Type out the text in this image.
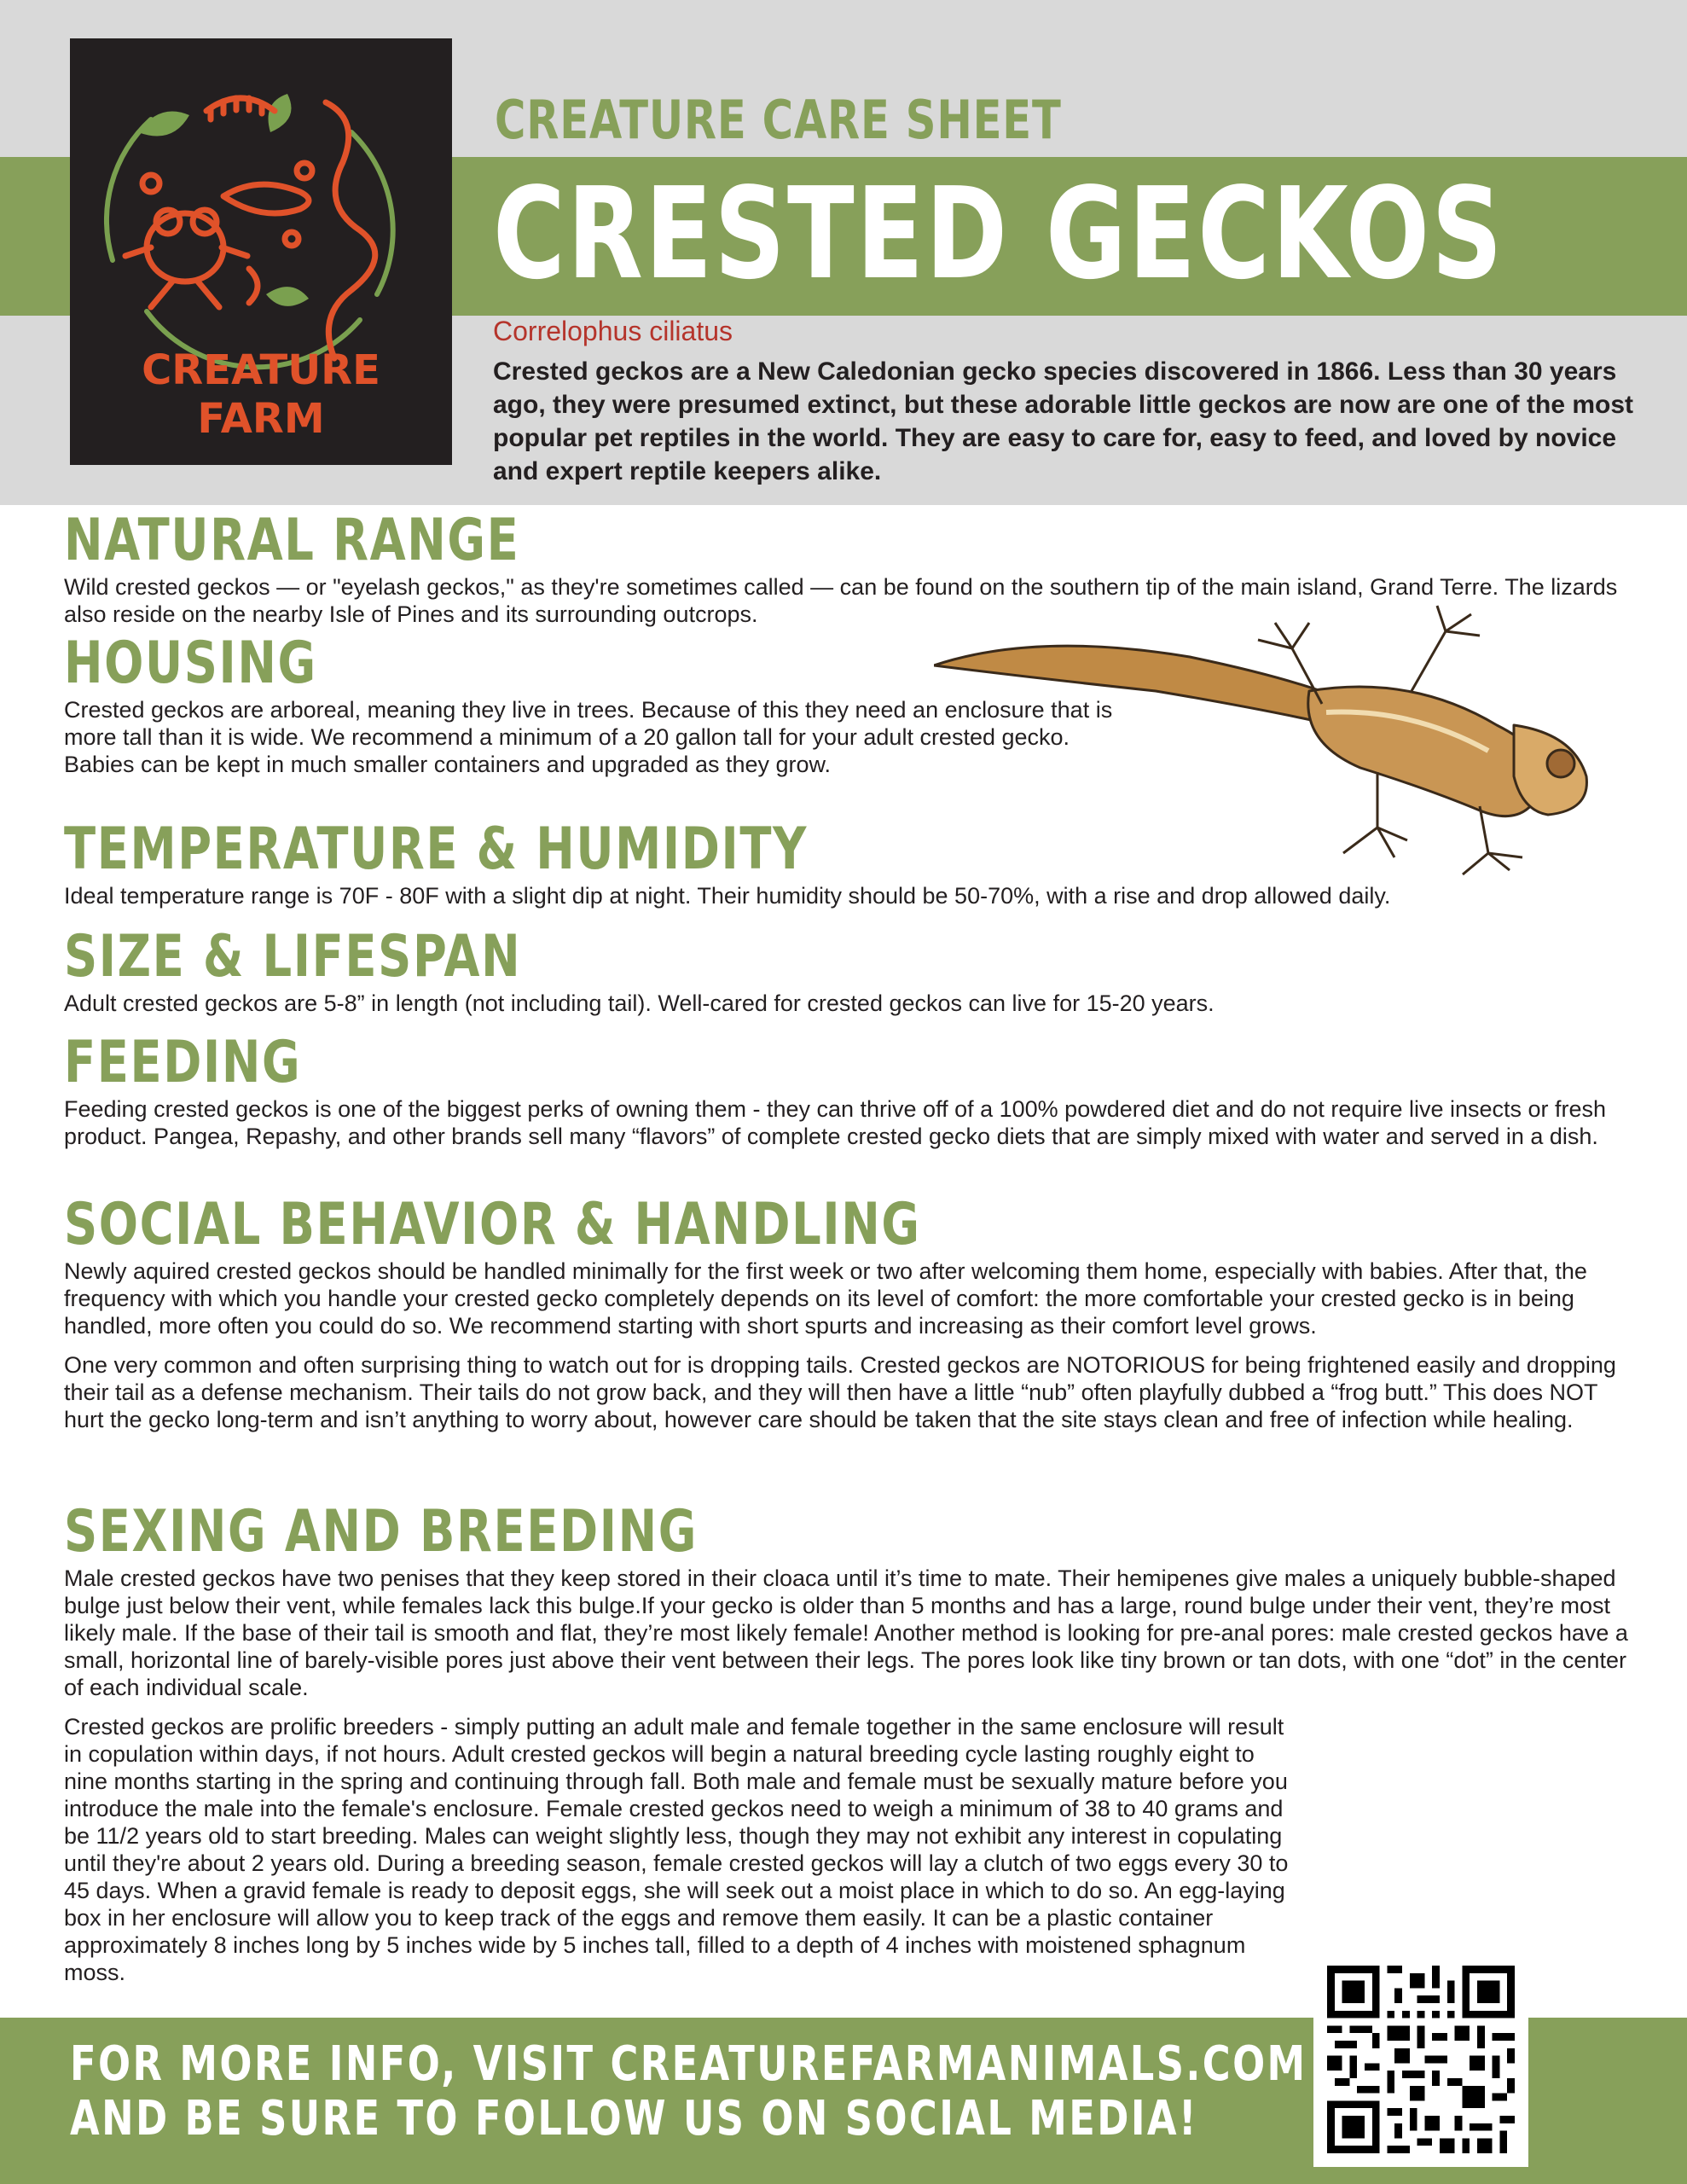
CREATURE
FARM
CREATURE CARE SHEET
CRESTED GECKOS
Correlophus ciliatus
Crested geckos are a New Caledonian gecko species discovered in 1866. Less than 30 years ago, they were presumed extinct, but these adorable little geckos are now are one of the most popular pet reptiles in the world. They are easy to care for, easy to feed, and loved by novice and expert reptile keepers alike.
NATURAL RANGE

Wild crested geckos — or "eyelash geckos," as they're sometimes called — can be found on the southern tip of the main island, Grand Terre. The lizards also reside on the nearby Isle of Pines and its surrounding outcrops.

HOUSING

Crested geckos are arboreal, meaning they live in trees. Because of this they need an enclosure that is more tall than it is wide. We recommend a minimum of a 20 gallon tall for your adult crested gecko. Babies can be kept in much smaller containers and upgraded as they grow.

TEMPERATURE & HUMIDITY

Ideal temperature range is 70F - 80F with a slight dip at night. Their humidity should be 50-70%, with a rise and drop allowed daily.

SIZE & LIFESPAN

Adult crested geckos are 5-8” in length (not including tail). Well-cared for crested geckos can live for 15-20 years.

FEEDING

Feeding crested geckos is one of the biggest perks of owning them - they can thrive off of a 100% powdered diet and do not require live insects or fresh product. Pangea, Repashy, and other brands sell many “flavors” of complete crested gecko diets that are simply mixed with water and served in a dish.

SOCIAL BEHAVIOR & HANDLING

Newly aquired crested geckos should be handled minimally for the first week or two after welcoming them home, especially with babies. After that, the frequency with which you handle your crested gecko completely depends on its level of comfort: the more comfortable your crested gecko is in being handled, more often you could do so. We recommend starting with short spurts and increasing as their comfort level grows.

One very common and often surprising thing to watch out for is dropping tails. Crested geckos are NOTORIOUS for being frightened easily and dropping their tail as a defense mechanism. Their tails do not grow back, and they will then have a little “nub” often playfully dubbed a “frog butt.” This does NOT hurt the gecko long-term and isn’t anything to worry about, however care should be taken that the site stays clean and free of infection while healing.

SEXING AND BREEDING

Male crested geckos have two penises that they keep stored in their cloaca until it’s time to mate. Their hemipenes give males a uniquely bubble-shaped bulge just below their vent, while females lack this bulge.If your gecko is older than 5 months and has a large, round bulge under their vent, they’re most likely male. If the base of their tail is smooth and flat, they’re most likely female! Another method is looking for pre-anal pores: male crested geckos have a small, horizontal line of barely-visible pores just above their vent between their legs. The pores look like tiny brown or tan dots, with one “dot” in the center of each individual scale.

Crested geckos are prolific breeders - simply putting an adult male and female together in the same enclosure will result in copulation within days, if not hours. Adult crested geckos will begin a natural breeding cycle lasting roughly eight to nine months starting in the spring and continuing through fall. Both male and female must be sexually mature before you introduce the male into the female's enclosure. Female crested geckos need to weigh a minimum of 38 to 40 grams and be 11/2 years old to start breeding. Males can weight slightly less, though they may not exhibit any interest in copulating until they're about 2 years old. During a breeding season, female crested geckos will lay a clutch of two eggs every 30 to 45 days. When a gravid female is ready to deposit eggs, she will seek out a moist place in which to do so. An egg-laying box in her enclosure will allow you to keep track of the eggs and remove them easily. It can be a plastic container approximately 8 inches long by 5 inches wide by 5 inches tall, filled to a depth of 4 inches with moistened sphagnum moss.

FOR MORE INFO, VISIT CREATUREFARMANIMALS.COM
AND BE SURE TO FOLLOW US ON SOCIAL MEDIA!
